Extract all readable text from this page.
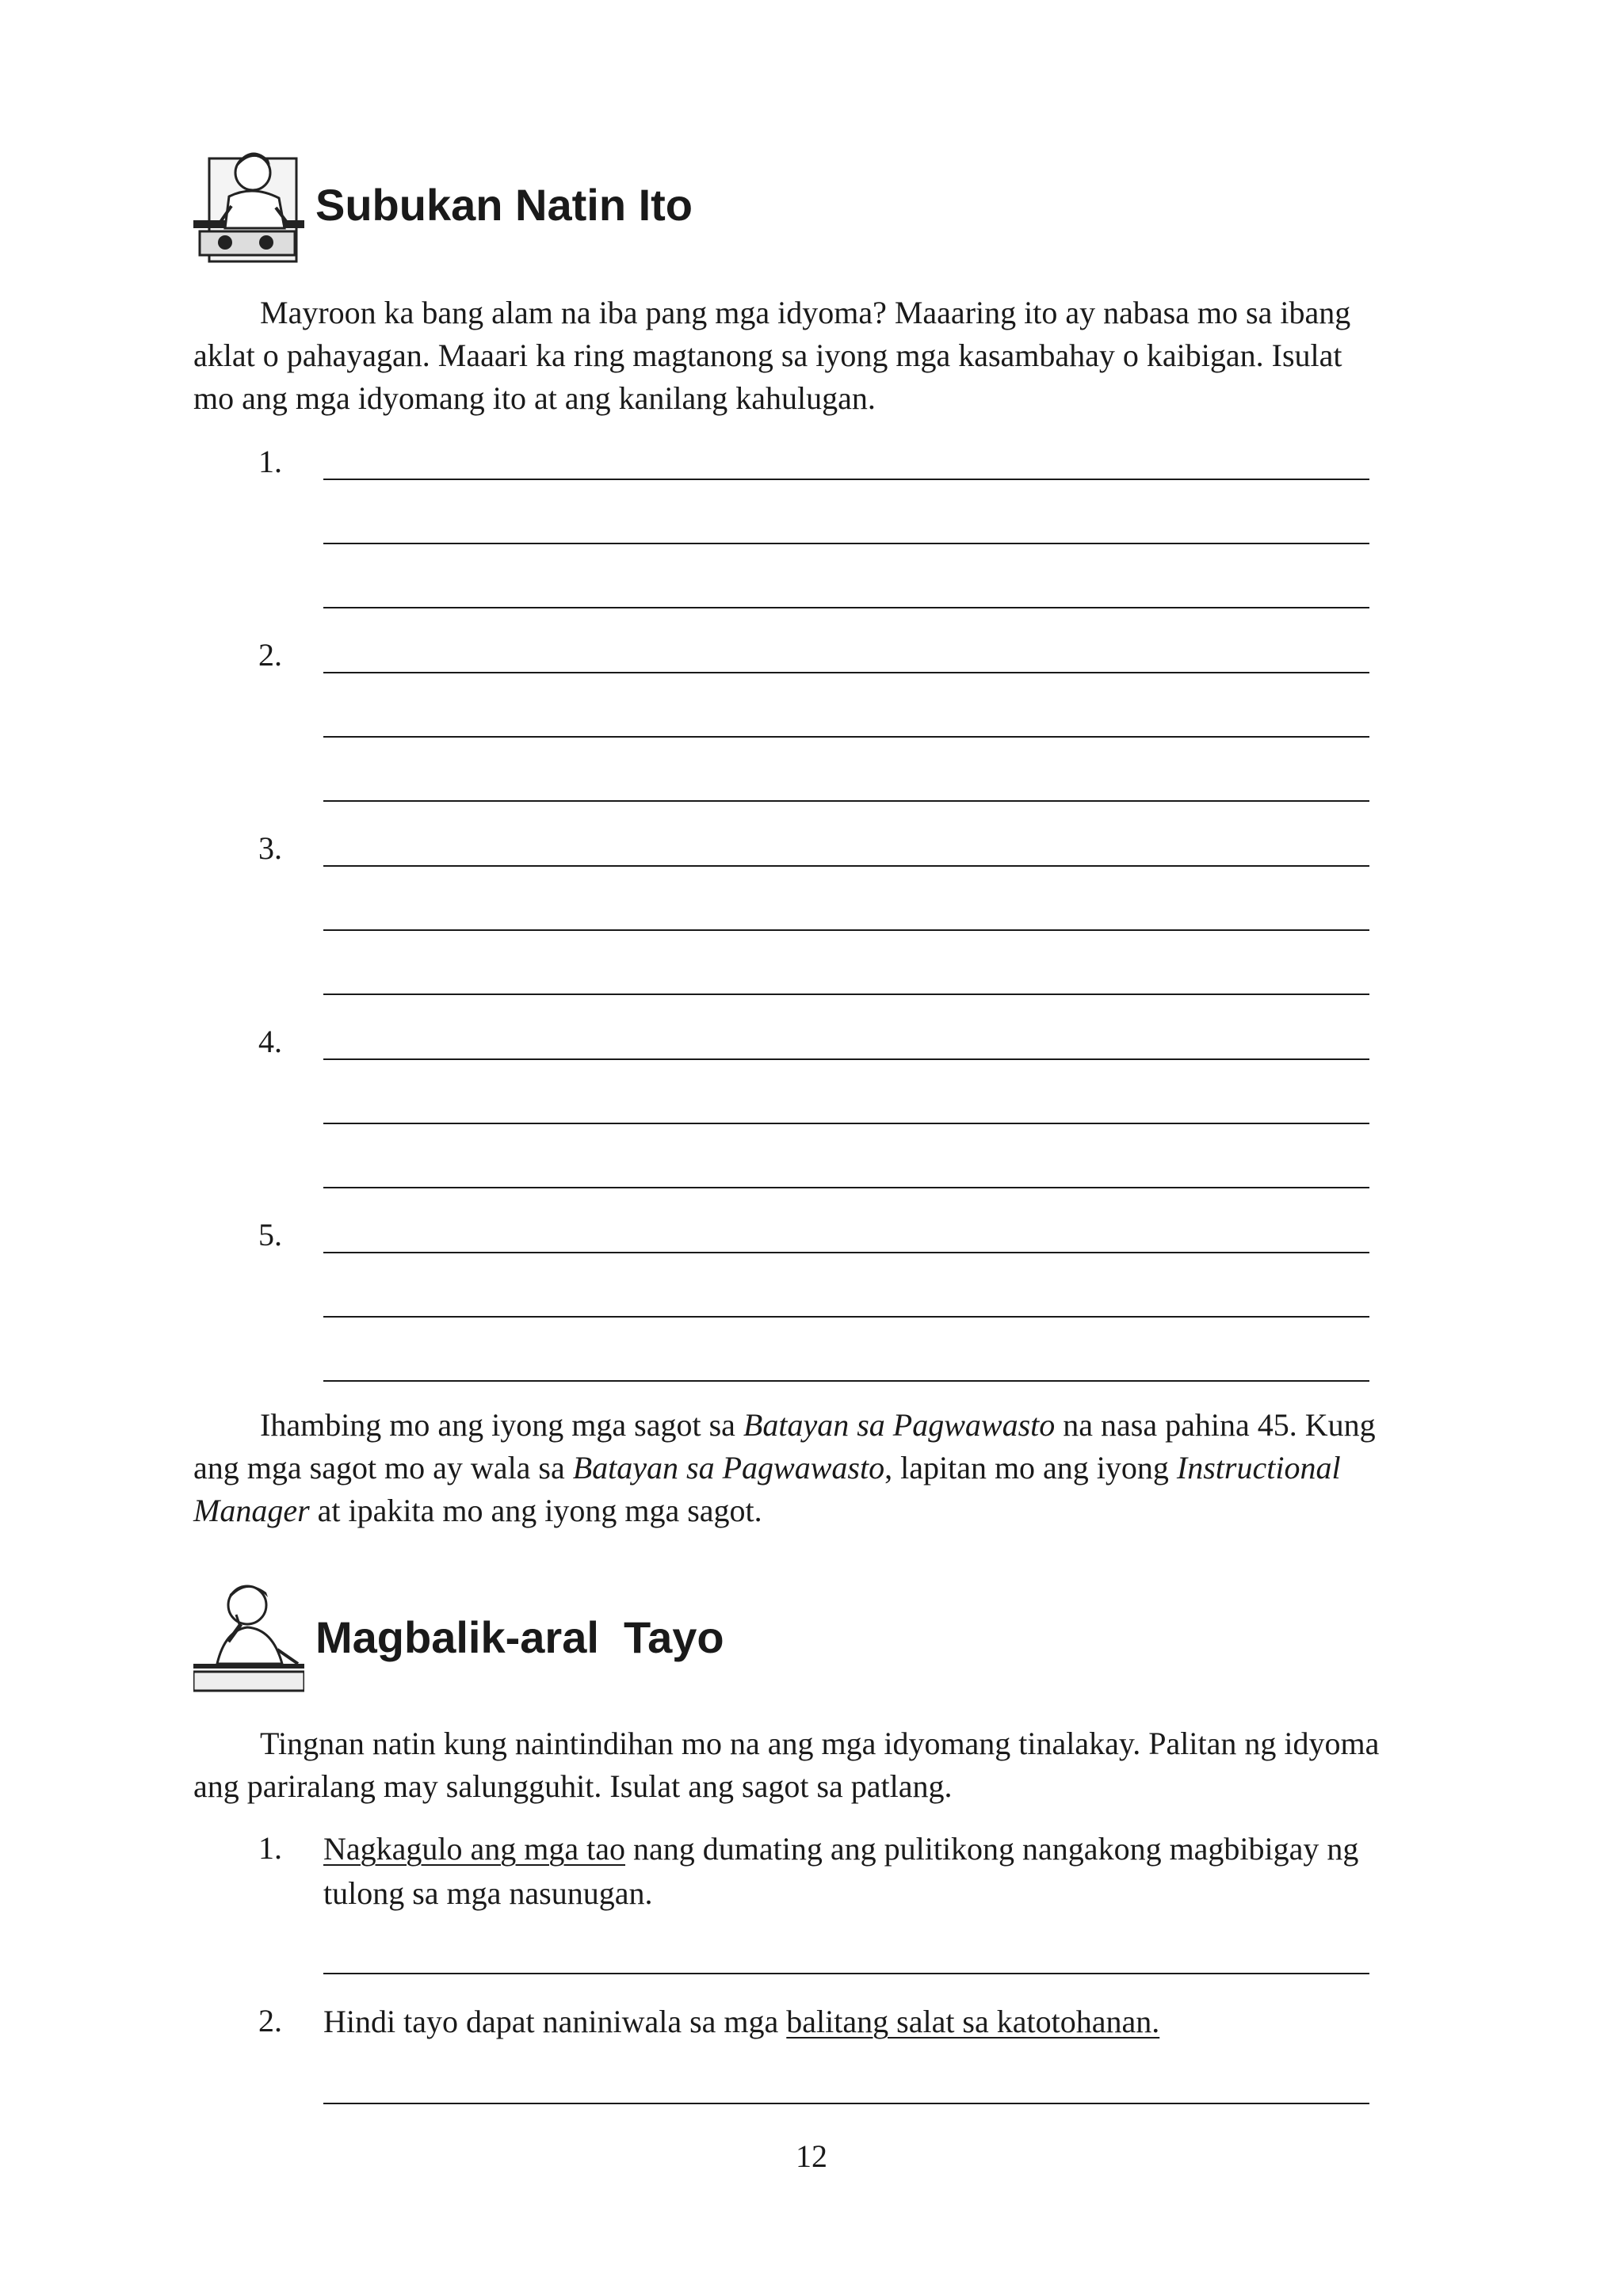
Subukan Natin Ito

Mayroon ka bang alam na iba pang mga idyoma? Maaaring ito ay nabasa mo sa ibang aklat o pahayagan. Maaari ka ring magtanong sa iyong mga kasambahay o kaibigan. Isulat mo ang mga idyomang ito at ang kanilang kahulugan.

1.
2.
3.
4.
5.

Ihambing mo ang iyong mga sagot sa Batayan sa Pagwawasto na nasa pahina 45. Kung ang mga sagot mo ay wala sa Batayan sa Pagwawasto, lapitan mo ang iyong Instructional Manager at ipakita mo ang iyong mga sagot.

Magbalik-aral  Tayo

Tingnan natin kung naintindihan mo na ang mga idyomang tinalakay. Palitan ng idyoma ang pariralang may salungguhit. Isulat ang sagot sa patlang.

1. Nagkagulo ang mga tao nang dumating ang pulitikong nangakong magbibigay ng tulong sa mga nasunugan.
2. Hindi tayo dapat naniniwala sa mga balitang salat sa katotohanan.
12
